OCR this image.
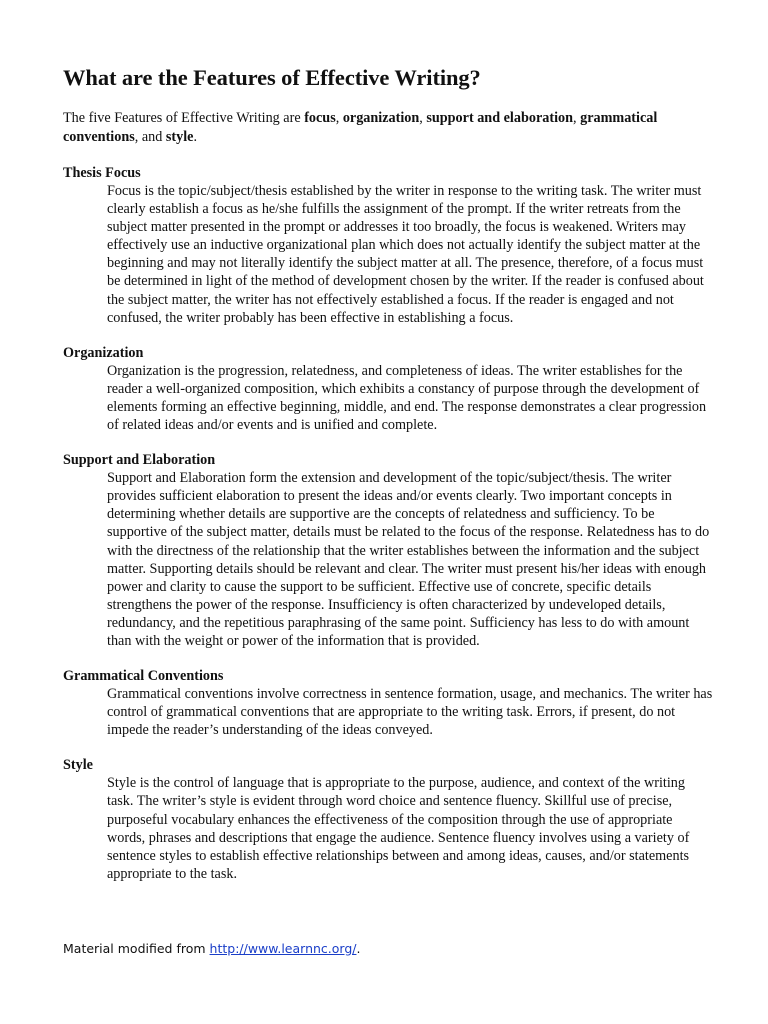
What are the Features of Effective Writing?

The five Features of Effective Writing are focus, organization, support and elaboration, grammatical conventions, and style.

Thesis Focus

Focus is the topic/subject/thesis established by the writer in response to the writing task. The writer must clearly establish a focus as he/she fulfills the assignment of the prompt. If the writer retreats from the subject matter presented in the prompt or addresses it too broadly, the focus is weakened. Writers may effectively use an inductive organizational plan which does not actually identify the subject matter at the beginning and may not literally identify the subject matter at all. The presence, therefore, of a focus must be determined in light of the method of development chosen by the writer. If the reader is confused about the subject matter, the writer has not effectively established a focus. If the reader is engaged and not confused, the writer probably has been effective in establishing a focus.

Organization

Organization is the progression, relatedness, and completeness of ideas. The writer establishes for the reader a well-organized composition, which exhibits a constancy of purpose through the development of elements forming an effective beginning, middle, and end. The response demonstrates a clear progression of related ideas and/or events and is unified and complete.

Support and Elaboration

Support and Elaboration form the extension and development of the topic/subject/thesis. The writer provides sufficient elaboration to present the ideas and/or events clearly. Two important concepts in determining whether details are supportive are the concepts of relatedness and sufficiency. To be supportive of the subject matter, details must be related to the focus of the response. Relatedness has to do with the directness of the relationship that the writer establishes between the information and the subject matter. Supporting details should be relevant and clear. The writer must present his/her ideas with enough power and clarity to cause the support to be sufficient. Effective use of concrete, specific details strengthens the power of the response. Insufficiency is often characterized by undeveloped details, redundancy, and the repetitious paraphrasing of the same point. Sufficiency has less to do with amount than with the weight or power of the information that is provided.

Grammatical Conventions

Grammatical conventions involve correctness in sentence formation, usage, and mechanics. The writer has control of grammatical conventions that are appropriate to the writing task. Errors, if present, do not impede the reader’s understanding of the ideas conveyed.

Style

Style is the control of language that is appropriate to the purpose, audience, and context of the writing task. The writer’s style is evident through word choice and sentence fluency. Skillful use of precise, purposeful vocabulary enhances the effectiveness of the composition through the use of appropriate words, phrases and descriptions that engage the audience. Sentence fluency involves using a variety of sentence styles to establish effective relationships between and among ideas, causes, and/or statements appropriate to the task.

Material modified from http://www.learnnc.org/.
